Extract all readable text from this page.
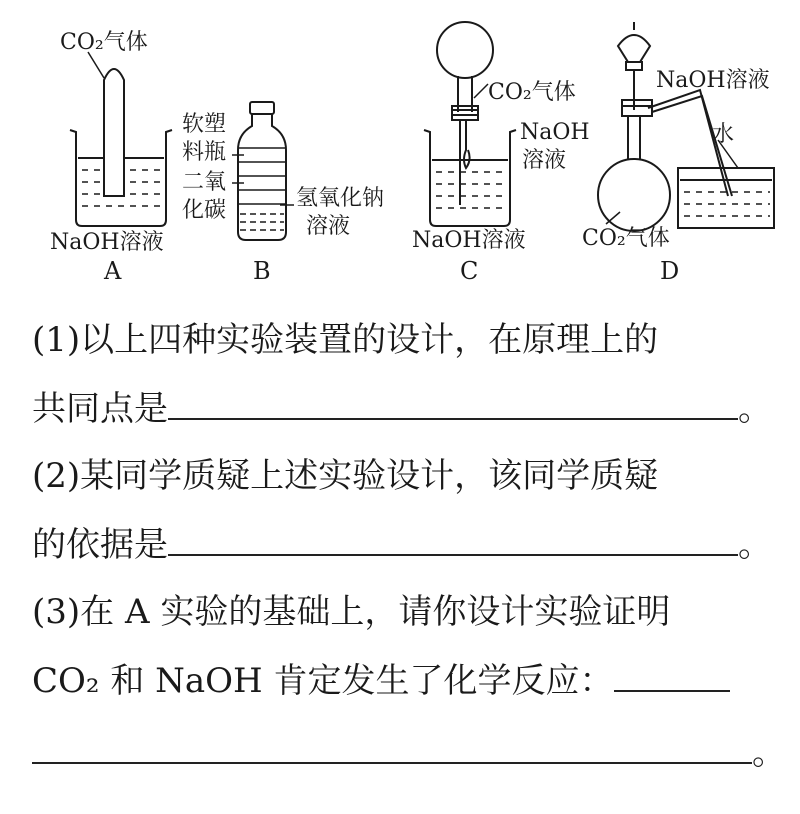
CO₂气体
NaOH溶液
A
软塑
料瓶
二氧
化碳	氢氧化钠
溶液
B
CO₂气体
NaOH
溶液
NaOH溶液
C
NaOH溶液
水
CO₂气体
D
(1)以上四种实验装置的设计，在原理上的
共同点是	。
(2)某同学质疑上述实验设计，该同学质疑
的依据是	。
(3)在 A 实验的基础上，请你设计实验证明
CO₂ 和 NaOH 肯定发生了化学反应：
。
